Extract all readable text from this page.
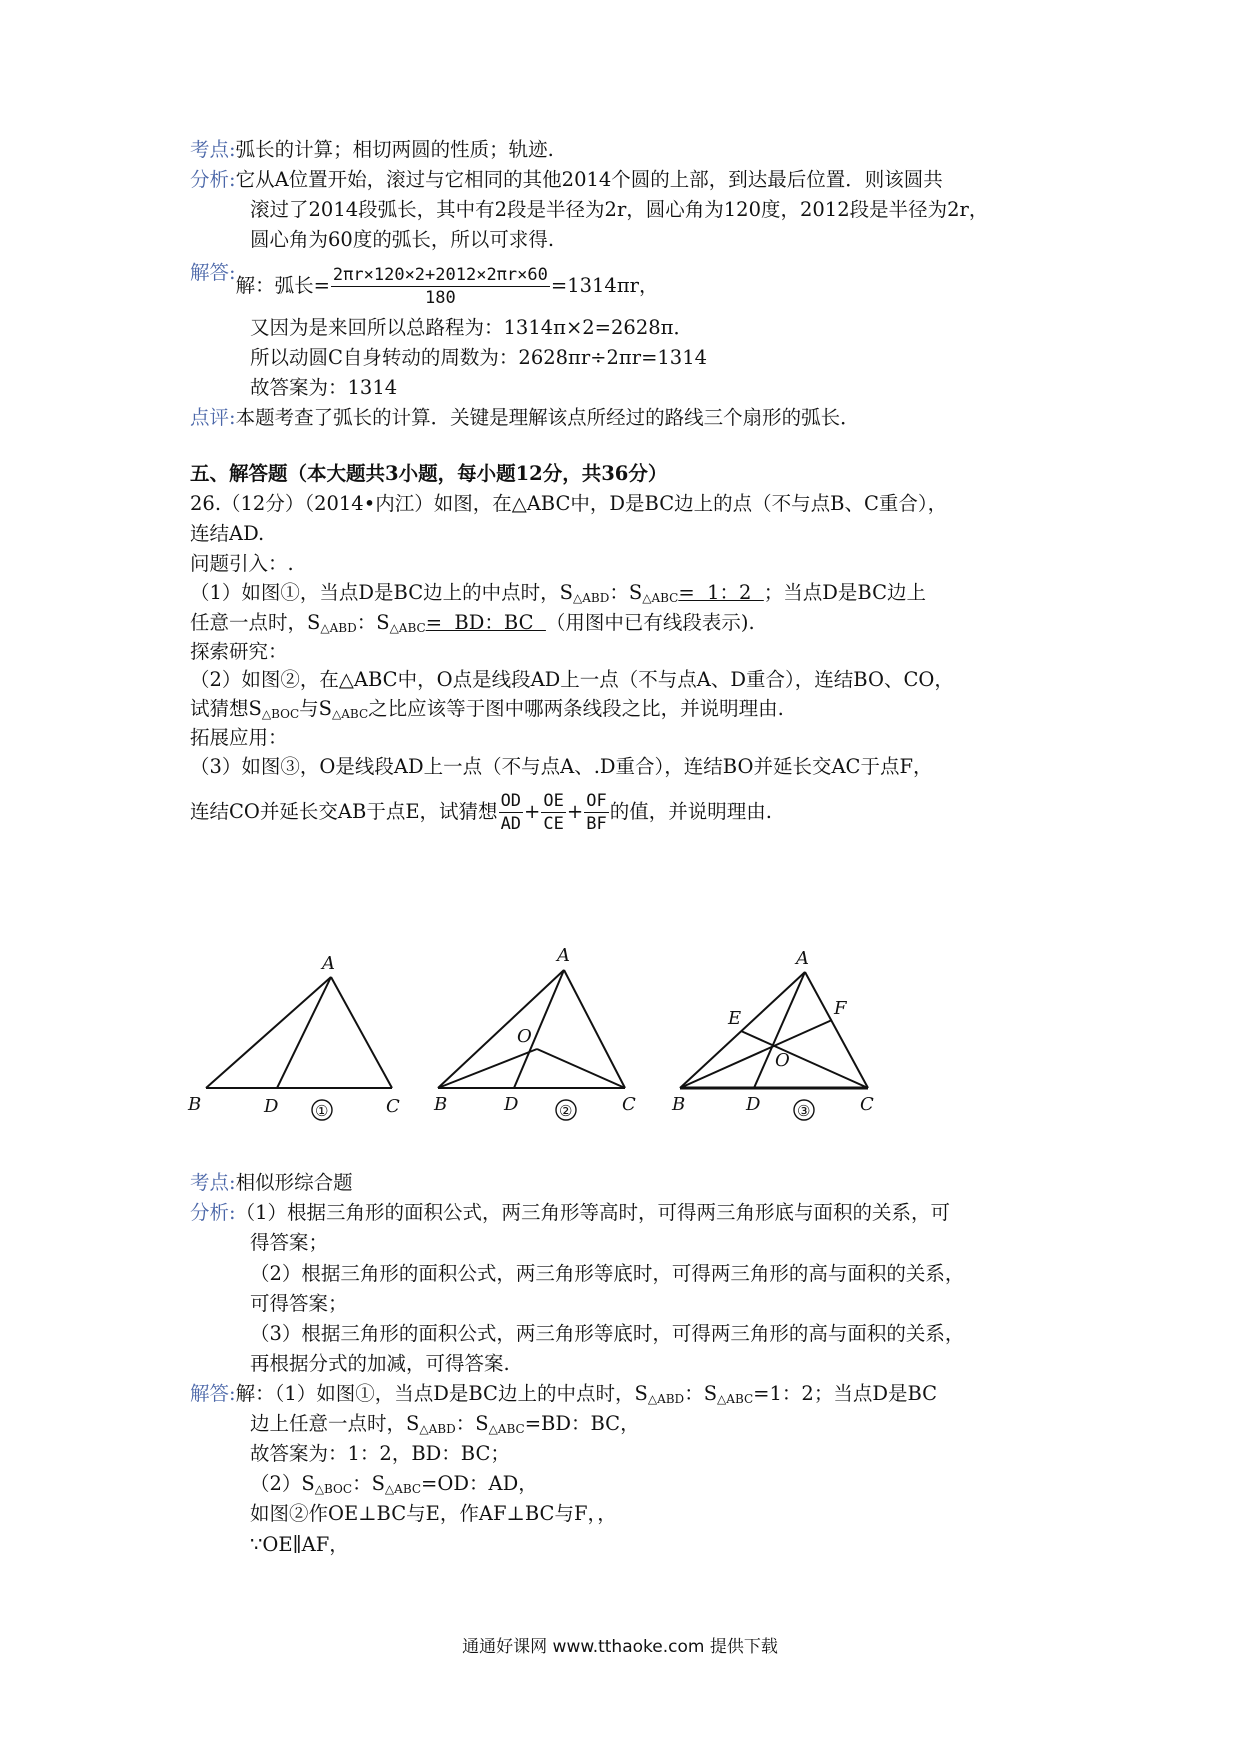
考点:弧长的计算；相切两圆的性质；轨迹.
分析:它从A位置开始，滚过与它相同的其他2014个圆的上部，到达最后位置．则该圆共
滚过了2014段弧长，其中有2段是半径为2r，圆心角为120度，2012段是半径为2r，
圆心角为60度的弧长，所以可求得.
解答:解：弧长= $\frac{2\pi r\times 120\times 2+2012\times 2\pi r\times 60}{180} =1314\pi r$，
又因为是来回所以总路程为：1314π×2=2628π．
所以动圆C自身转动的周数为：2628πr÷2πr=1314
故答案为：1314
点评:本题考查了弧长的计算．关键是理解该点所经过的路线三个扇形的弧长．
五、解答题（本大题共3小题，每小题12分，共36分）
26.（12分）（2014•内江）如图，在△ABC中，D是BC边上的点（不与点B、C重合），
连结AD.
问题引入：.
（1）如图①，当点D是BC边上的中点时，$S_{\triangle ABD}$：$S_{\triangle ABC}= 1$：2  ；当点D是BC边上
任意一点时，$S_{\triangle ABD}$：$S_{\triangle ABC}=$  BD：BC  （用图中已有线段表示).
探索研究：
（2）如图②，在△ABC中，O点是线段AD上一点（不与点A、D重合），连结BO、CO，
试猜想$S_{\triangle BOC}$与$S_{\triangle ABC}$之比应该等于图中哪两条线段之比，并说明理由.
拓展应用：
（3）如图③，O是线段AD上一点（不与点A、.D重合），连结BO并延长交AC于点F，
连结CO并延长交AB于点E，试猜想 $\frac{OD}{AD} + \frac{OE}{CE} + \frac{OF}{BF}$ 的值，并说明理由.
A
B	C
D ①
A
B	C
D
O
②
A
B	C
D
E	F
O
③
考点:相似形综合题
分析:（1）根据三角形的面积公式，两三角形等高时，可得两三角形底与面积的关系，可
得答案；
（2）根据三角形的面积公式，两三角形等底时，可得两三角形的高与面积的关系，
可得答案；
（3）根据三角形的面积公式，两三角形等底时，可得两三角形的高与面积的关系，
再根据分式的加减，可得答案.
解答:解：（1）如图①，当点D是BC边上的中点时，$S_{\triangle ABD}$：$S_{\triangle ABC}=1$：2；当点D是BC
边上任意一点时，$S_{\triangle ABD}$：$S_{\triangle ABC}=BD$：BC，
故答案为：1：2，BD：BC；
$(2)S_{\triangle BOC}$：$S_{\triangle ABC}=OD$：AD，
如图②作OE⊥BC与E，作AF⊥BC与F，，
∵OE∥AF，
通通好课网 www.tthaoke.com 提供下载
